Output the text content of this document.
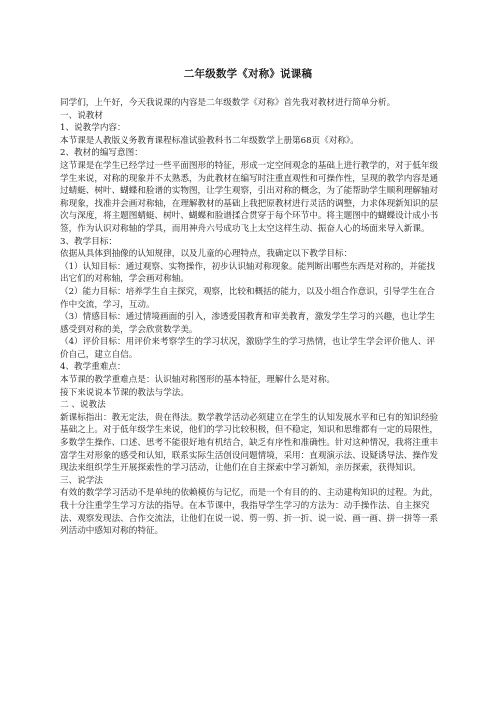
二年级数学《对称》说课稿

同学们，上午好，今天我说课的内容是二年级数学《对称》首先我对教材进行简单分析。

一、说教材

1、说教学内容：

本节课是人教版义务教育课程标准试验教科书二年级数学上册第68页《对称》。

2、教材的编写意图：

这节课是在学生已经学过一些平面图形的特征，形成一定空间观念的基础上进行教学的，对于低年级学生来说，对称的现象并不太熟悉，为此教材在编写时注重直观性和可操作性，呈现的教学内容是通过蜻蜓、树叶、蝴蝶和脸谱的实物图，让学生观察，引出对称的概念，为了能帮助学生顺利理解轴对称现象，找准并会画对称轴，在理解教材的基础上我把原教材进行灵活的调整，力求体现新知识的层次与深度，将主题图蜻蜓、树叶、蝴蝶和脸谱揉合贯穿于每个环节中。将主题图中的蝴蝶设计成小书签，作为认识对称轴的学具，而用神舟六号成功飞上太空这样生动、振奋人心的场面来导入新课。

3、教学目标：

依据从具体到抽像的认知规律，以及儿童的心理特点，我确定以下教学目标：

（1）认知目标：通过观察、实物操作，初步认识轴对称现象。能判断出哪些东西是对称的，并能找出它们的对称轴，学会画对称轴。

（2）能力目标：培养学生自主探究，观察，比较和概括的能力，以及小组合作意识，引导学生在合作中交流，学习，互动。

（3）情感目标：通过情境画面的引入，渗透爱国教育和审美教育，激发学生学习的兴趣，也让学生感受到对称的美，学会欣赏数学美。

（4）评价目标：用评价来考察学生的学习状况，激励学生的学习热情，也让学生学会评价他人、评价自己，建立自信。

4、教学重难点：

本节课的教学重难点是：认识轴对称图形的基本特征，理解什么是对称。

接下来说说本节课的教法与学法。

二 、说教法

新课标指出：教无定法，贵在得法。数学教学活动必须建立在学生的认知发展水平和已有的知识经验基础之上。对于低年级学生来说，他们的学习比较积极，但不稳定，知识和思维都有一定的局限性，多数学生操作、口述、思考不能很好地有机结合，缺乏有序性和准确性。针对这种情况，我将注重丰富学生对形象的感受和认知，联系实际生活创设问题情境，采用：直观演示法、设疑诱导法、操作发现法来组织学生开展探索性的学习活动，让他们在自主探索中学习新知，亲历探索，获得知识。

三、说学法

有效的数学学习活动不是单纯的依赖模仿与记忆，而是一个有目的的、主动建构知识的过程。为此，我十分注重学生学习方法的指导。在本节课中，我指导学生学习的方法为：动手操作法、自主探究法、观察发现法、合作交流法，让他们在说一说、剪一剪、折一折、说一说、画一画、拼一拼等一系列活动中感知对称的特征。
